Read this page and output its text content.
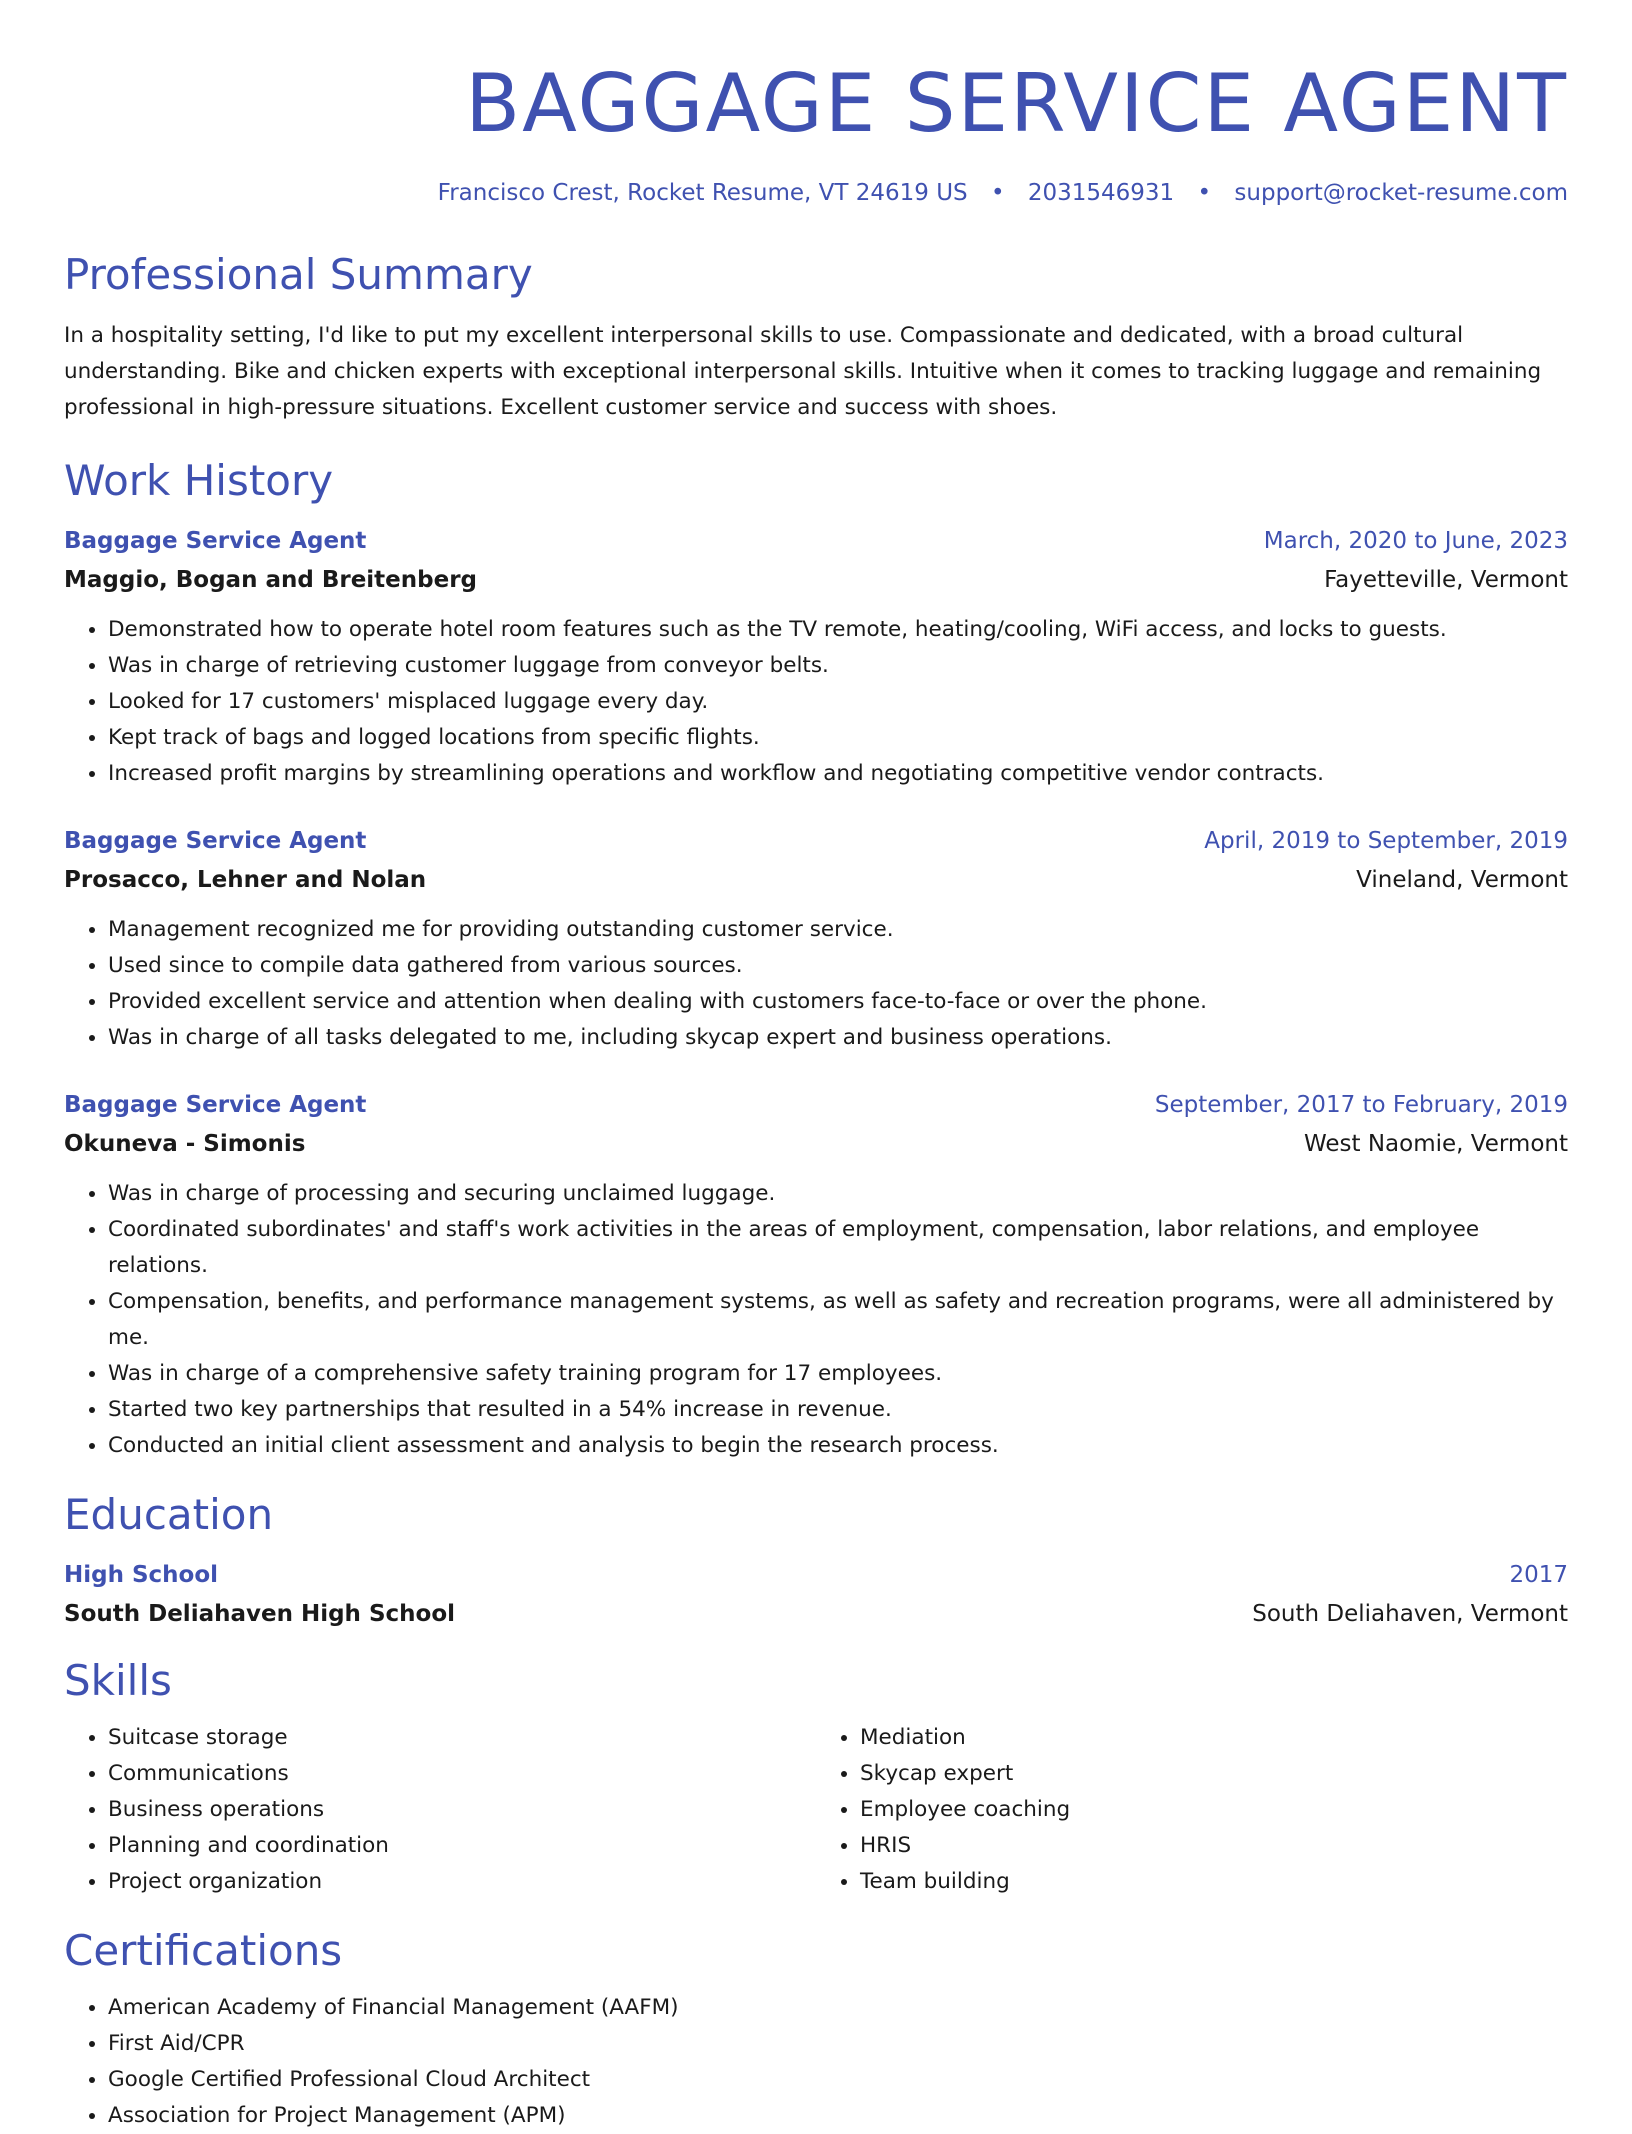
BAGGAGE SERVICE AGENT
Francisco Crest, Rocket Resume, VT 24619 US • 2031546931 • support@rocket-resume.com
Professional Summary
In a hospitality setting, I'd like to put my excellent interpersonal skills to use. Compassionate and dedicated, with a broad cultural understanding. Bike and chicken experts with exceptional interpersonal skills. Intuitive when it comes to tracking luggage and remaining professional in high-pressure situations. Excellent customer service and success with shoes.
Work History
Baggage Service Agent	March, 2020 to June, 2023
Maggio, Bogan and Breitenberg	Fayetteville, Vermont
• Demonstrated how to operate hotel room features such as the TV remote, heating/cooling, WiFi access, and locks to guests.
• Was in charge of retrieving customer luggage from conveyor belts.
• Looked for 17 customers' misplaced luggage every day.
• Kept track of bags and logged locations from specific flights.
• Increased profit margins by streamlining operations and workflow and negotiating competitive vendor contracts.
Baggage Service Agent	April, 2019 to September, 2019
Prosacco, Lehner and Nolan	Vineland, Vermont
• Management recognized me for providing outstanding customer service.
• Used since to compile data gathered from various sources.
• Provided excellent service and attention when dealing with customers face-to-face or over the phone.
• Was in charge of all tasks delegated to me, including skycap expert and business operations.
Baggage Service Agent	September, 2017 to February, 2019
Okuneva - Simonis	West Naomie, Vermont
• Was in charge of processing and securing unclaimed luggage.
• Coordinated subordinates' and staff's work activities in the areas of employment, compensation, labor relations, and employee relations.
• Compensation, benefits, and performance management systems, as well as safety and recreation programs, were all administered by me.
• Was in charge of a comprehensive safety training program for 17 employees.
• Started two key partnerships that resulted in a 54% increase in revenue.
• Conducted an initial client assessment and analysis to begin the research process.
Education
High School	2017
South Deliahaven High School	South Deliahaven, Vermont
Skills
• Suitcase storage
• Communications
• Business operations
• Planning and coordination
• Project organization
• Mediation
• Skycap expert
• Employee coaching
• HRIS
• Team building
Certifications
• American Academy of Financial Management (AAFM)
• First Aid/CPR
• Google Certified Professional Cloud Architect
• Association for Project Management (APM)
